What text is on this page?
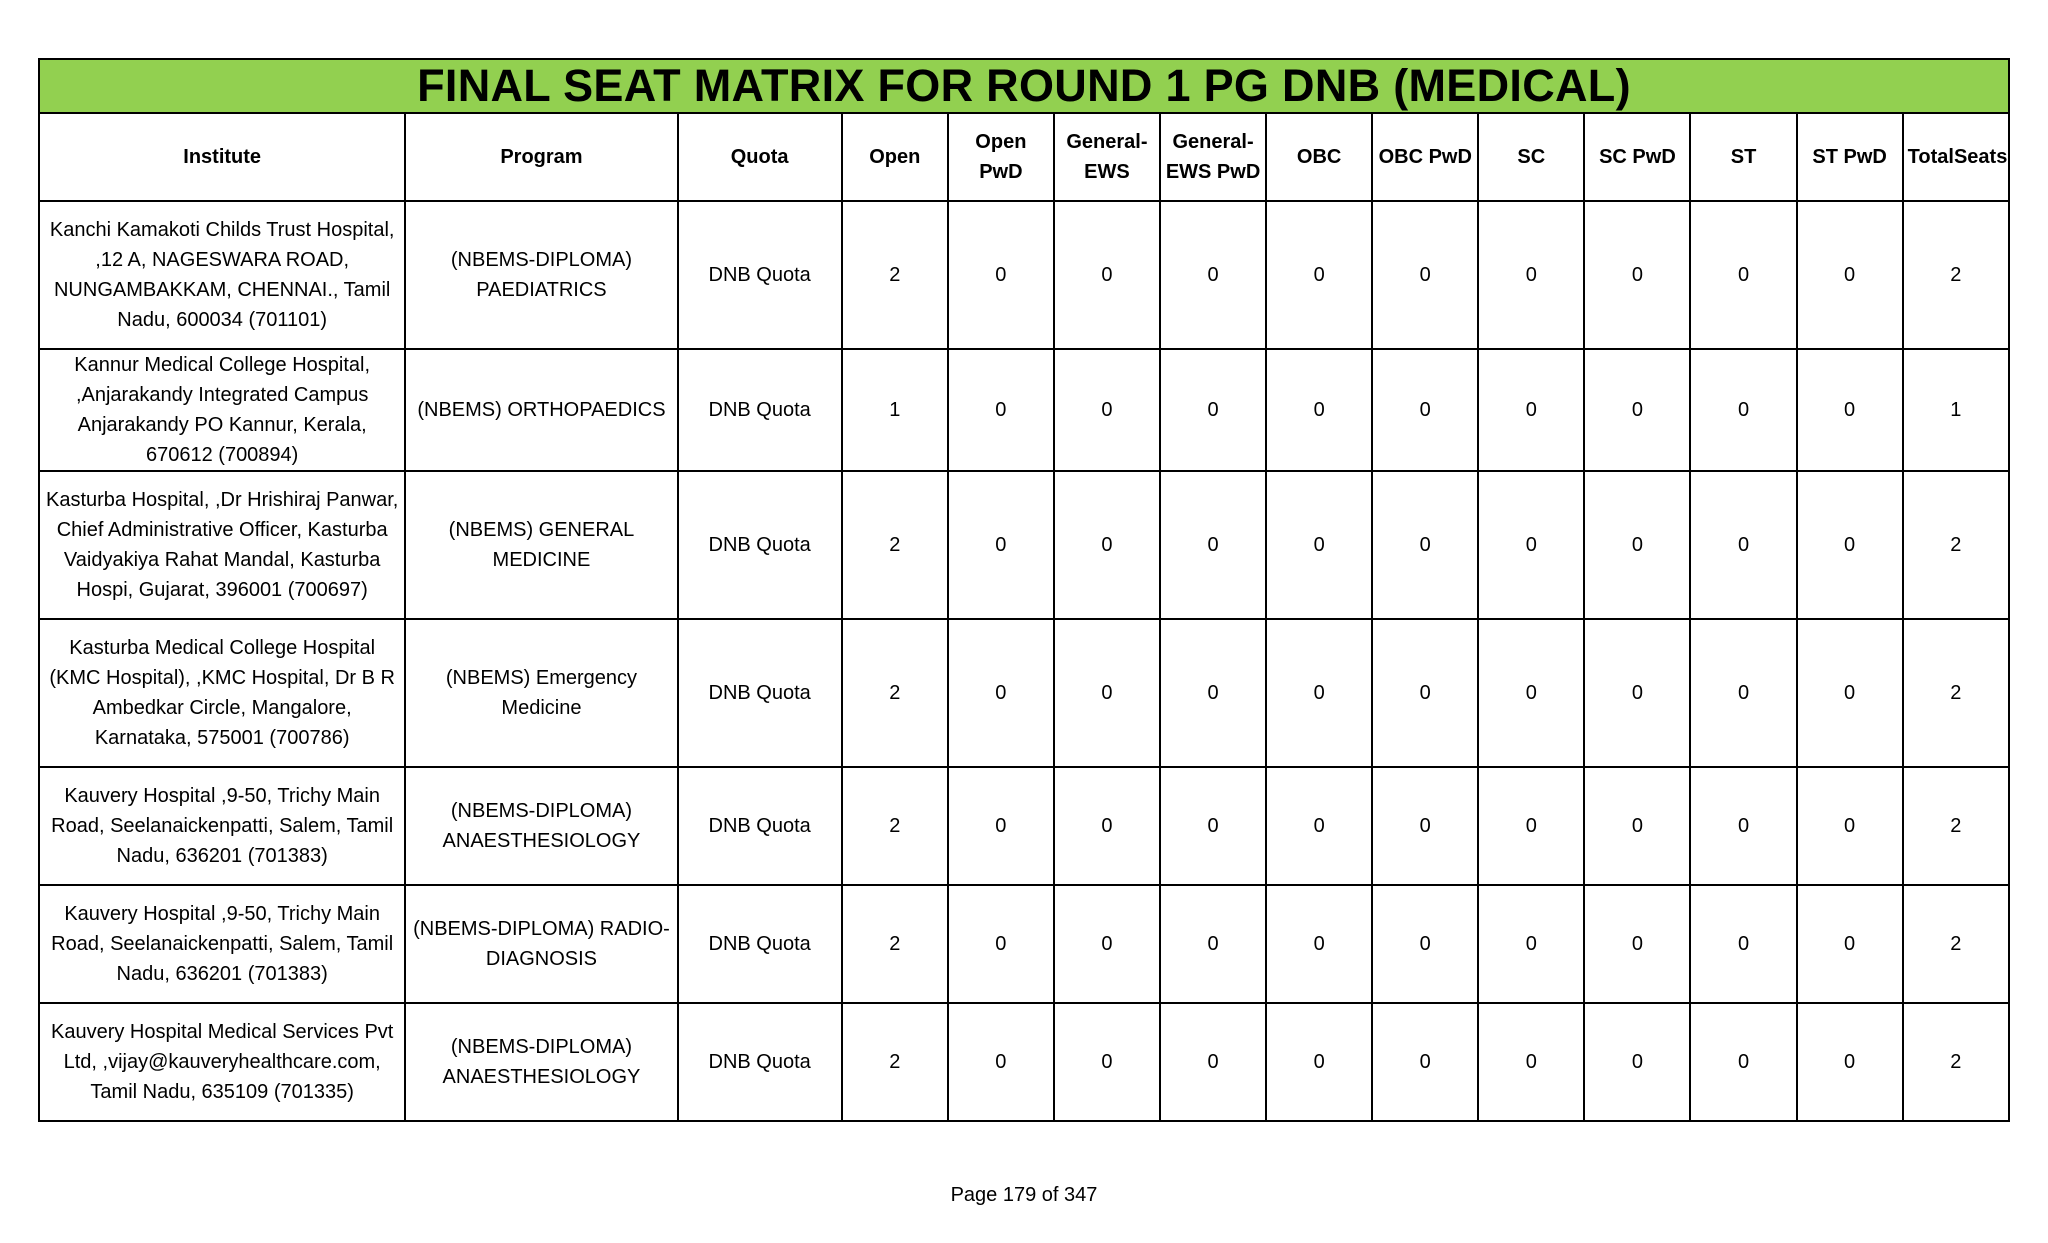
FINAL SEAT MATRIX FOR ROUND 1 PG DNB (MEDICAL)													
Institute	Program	Quota	Open	Open PwD	General-EWS	General-EWS PwD	OBC	OBC PwD	SC	SC PwD	ST	ST PwD	TotalSeats
Kanchi Kamakoti Childs Trust Hospital, ,12 A, NAGESWARA ROAD, NUNGAMBAKKAM, CHENNAI., Tamil Nadu, 600034 (701101)	(NBEMS-DIPLOMA) PAEDIATRICS	DNB Quota	2	0	0	0	0	0	0	0	0	0	2
Kannur Medical College Hospital, ,Anjarakandy Integrated Campus Anjarakandy PO Kannur, Kerala, 670612 (700894)	(NBEMS) ORTHOPAEDICS	DNB Quota	1	0	0	0	0	0	0	0	0	0	1
Kasturba Hospital, ,Dr Hrishiraj Panwar, Chief Administrative Officer, Kasturba Vaidyakiya Rahat Mandal, Kasturba Hospi, Gujarat, 396001 (700697)	(NBEMS) GENERAL MEDICINE	DNB Quota	2	0	0	0	0	0	0	0	0	0	2
Kasturba Medical College Hospital (KMC Hospital), ,KMC Hospital, Dr B R Ambedkar Circle, Mangalore, Karnataka, 575001 (700786)	(NBEMS) Emergency Medicine	DNB Quota	2	0	0	0	0	0	0	0	0	0	2
Kauvery Hospital ,9-50, Trichy Main Road, Seelanaickenpatti, Salem, Tamil Nadu, 636201 (701383)	(NBEMS-DIPLOMA) ANAESTHESIOLOGY	DNB Quota	2	0	0	0	0	0	0	0	0	0	2
Kauvery Hospital ,9-50, Trichy Main Road, Seelanaickenpatti, Salem, Tamil Nadu, 636201 (701383)	(NBEMS-DIPLOMA) RADIO-DIAGNOSIS	DNB Quota	2	0	0	0	0	0	0	0	0	0	2
Kauvery Hospital Medical Services Pvt Ltd, ,vijay@kauveryhealthcare.com, Tamil Nadu, 635109 (701335)	(NBEMS-DIPLOMA) ANAESTHESIOLOGY	DNB Quota	2	0	0	0	0	0	0	0	0	0	2
Page 179 of 347
